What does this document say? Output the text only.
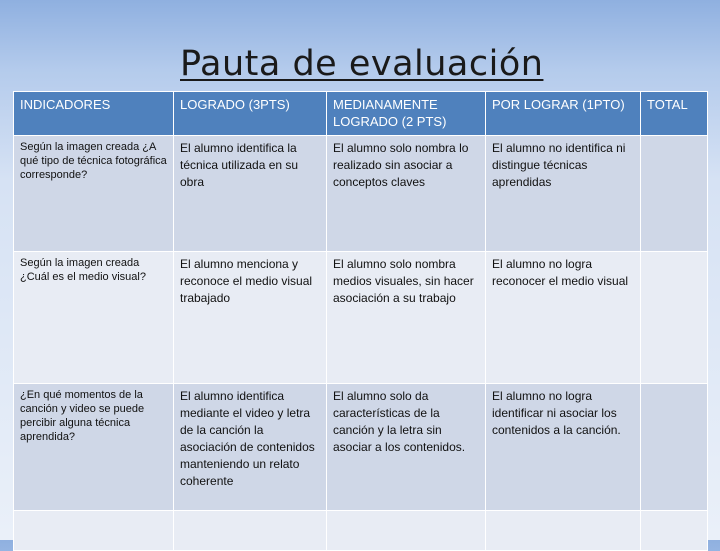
Pauta de evaluación
INDICADORES	LOGRADO (3PTS)	MEDIANAMENTE LOGRADO (2 PTS)	POR LOGRAR (1PTO)	TOTAL
Según la imagen creada ¿A qué tipo de técnica fotográfica corresponde?	El alumno identifica la técnica utilizada en su obra	El alumno solo nombra lo realizado sin asociar a conceptos claves	El alumno no identifica ni distingue técnicas aprendidas	
Según la imagen creada ¿Cuál es el medio visual?	El alumno menciona y reconoce el medio visual trabajado	El alumno solo nombra medios visuales, sin hacer asociación a su trabajo	El alumno no logra reconocer el medio visual	
¿En qué momentos de la canción y video se puede percibir alguna técnica aprendida?	El alumno identifica mediante el video y letra de la canción la asociación de contenidos manteniendo un relato coherente	El alumno solo da características de la canción y la letra sin asociar a los contenidos.	El alumno no logra identificar ni asociar los contenidos a la canción.	
